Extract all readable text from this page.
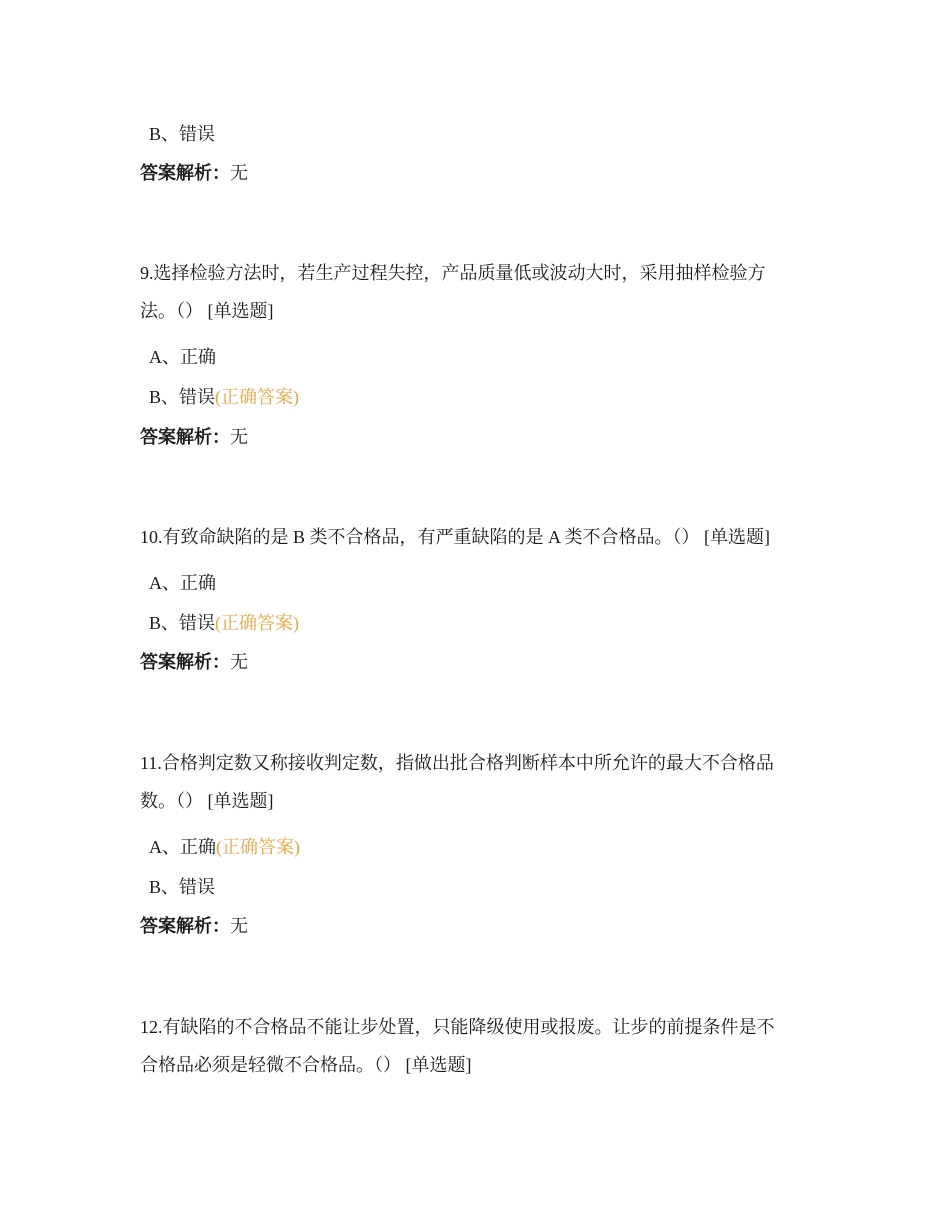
B、错误
答案解析：无
9.选择检验方法时，若生产过程失控，产品质量低或波动大时，采用抽样检验方
法。（） [单选题]
A、正确
B、错误(正确答案)
答案解析：无
10.有致命缺陷的是 B 类不合格品，有严重缺陷的是 A 类不合格品。（） [单选题]
A、正确
B、错误(正确答案)
答案解析：无
11.合格判定数又称接收判定数，指做出批合格判断样本中所允许的最大不合格品
数。（） [单选题]
A、正确(正确答案)
B、错误
答案解析：无
12.有缺陷的不合格品不能让步处置，只能降级使用或报废。让步的前提条件是不
合格品必须是轻微不合格品。（） [单选题]
